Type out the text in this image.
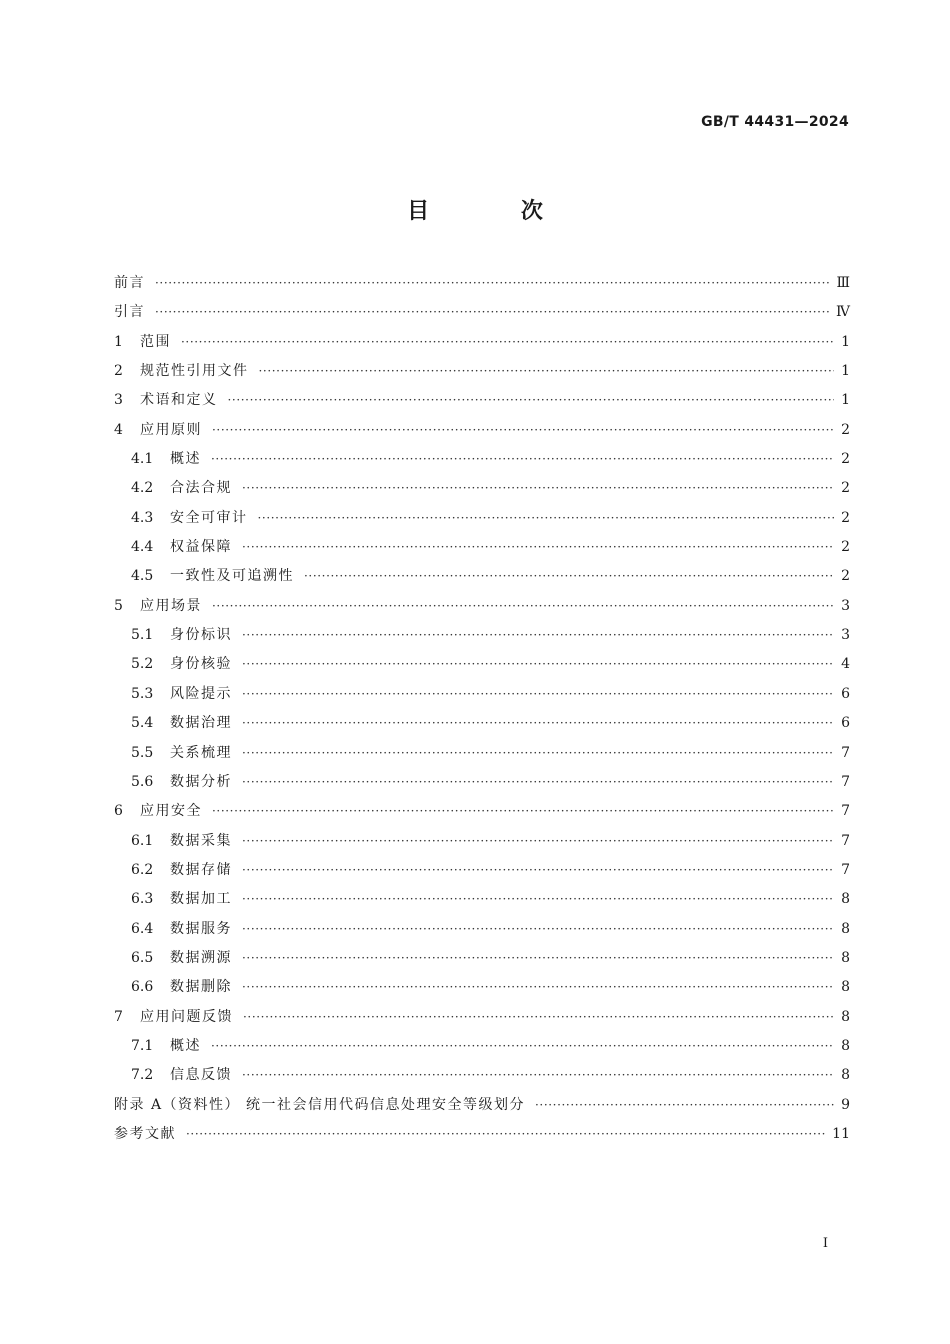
GB/T 44431—2024
目 次
前言 ·····	Ⅲ
引言 ·····	Ⅳ
1	范围 ·····	1
2	规范性引用文件 ·····	1
3	术语和定义 ·····	1
4	应用原则 ·····	2
4.1	概述 ·····	2
4.2	合法合规 ·····	2
4.3	安全可审计 ·····	2
4.4	权益保障 ·····	2
4.5	一致性及可追溯性 ·····	2
5	应用场景 ·····	3
5.1	身份标识 ·····	3
5.2	身份核验 ·····	4
5.3	风险提示 ·····	6
5.4	数据治理 ·····	6
5.5	关系梳理 ·····	7
5.6	数据分析 ·····	7
6	应用安全 ·····	7
6.1	数据采集 ·····	7
6.2	数据存储 ·····	7
6.3	数据加工 ·····	8
6.4	数据服务 ·····	8
6.5	数据溯源 ·····	8
6.6	数据删除 ·····	8
7	应用问题反馈 ·····	8
7.1	概述 ·····	8
7.2	信息反馈 ·····	8
附录 A（资料性） 统一社会信用代码信息处理安全等级划分 ·····	9
参考文献 ·····	11
I
